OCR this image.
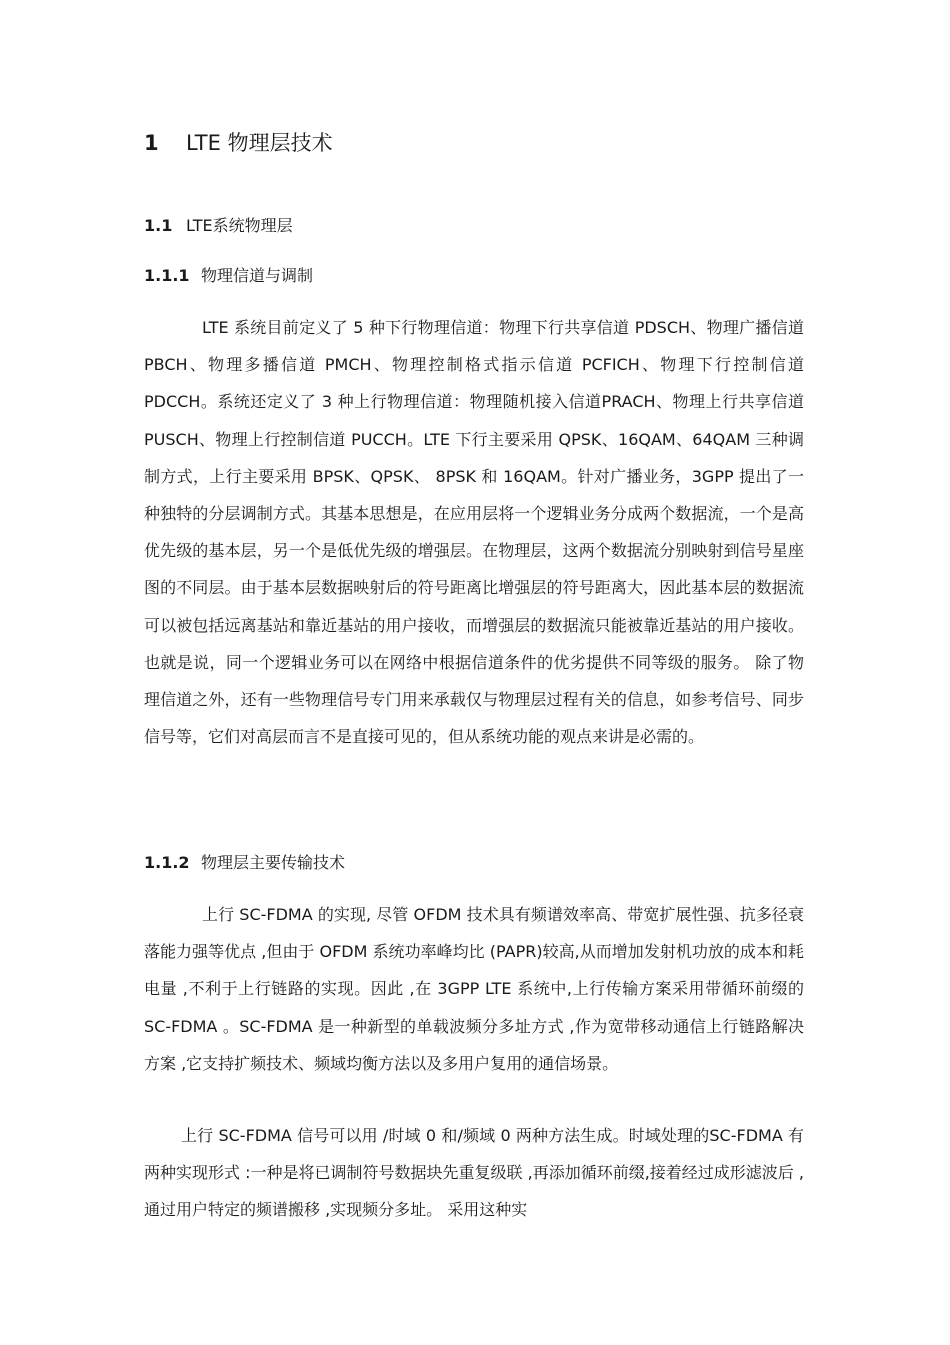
1 LTE 物理层技术
1.1 LTE系统物理层
1.1.1 物理信道与调制

LTE 系统目前定义了 5 种下行物理信道：物理下行共享信道 PDSCH、物理广播信道 PBCH、物理多播信道 PMCH、物理控制格式指示信道 PCFICH、物理下行控制信道 PDCCH。系统还定义了 3 种上行物理信道：物理随机接入信道PRACH、物理上行共享信道 PUSCH、物理上行控制信道 PUCCH。LTE 下行主要采用 QPSK、16QAM、64QAM 三种调制方式，上行主要采用 BPSK、QPSK、 8PSK 和 16QAM。针对广播业务，3GPP 提出了一种独特的分层调制方式。其基本思想是，在应用层将一个逻辑业务分成两个数据流，一个是高优先级的基本层，另一个是低优先级的增强层。在物理层，这两个数据流分别映射到信号星座图的不同层。由于基本层数据映射后的符号距离比增强层的符号距离大，因此基本层的数据流可以被包括远离基站和靠近基站的用户接收，而增强层的数据流只能被靠近基站的用户接收。 也就是说，同一个逻辑业务可以在网络中根据信道条件的优劣提供不同等级的服务。 除了物理信道之外，还有一些物理信号专门用来承载仅与物理层过程有关的信息，如参考信号、同步信号等，它们对高层而言不是直接可见的，但从系统功能的观点来讲是必需的。

1.1.2 物理层主要传输技术

上行 SC-FDMA 的实现, 尽管 OFDM 技术具有频谱效率高、带宽扩展性强、抗多径衰落能力强等优点 ,但由于 OFDM 系统功率峰均比 (PAPR)较高,从而增加发射机功放的成本和耗电量 ,不利于上行链路的实现。因此 ,在 3GPP LTE 系统中,上行传输方案采用带循环前缀的 SC-FDMA 。SC-FDMA 是一种新型的单载波频分多址方式 ,作为宽带移动通信上行链路解决方案 ,它支持扩频技术、频域均衡方法以及多用户复用的通信场景。

上行 SC-FDMA 信号可以用 /时域 0 和/频域 0 两种方法生成。时域处理的SC-FDMA 有两种实现形式 :一种是将已调制符号数据块先重复级联 ,再添加循环前缀,接着经过成形滤波后 ,通过用户特定的频谱搬移 ,实现频分多址。 采用这种实
